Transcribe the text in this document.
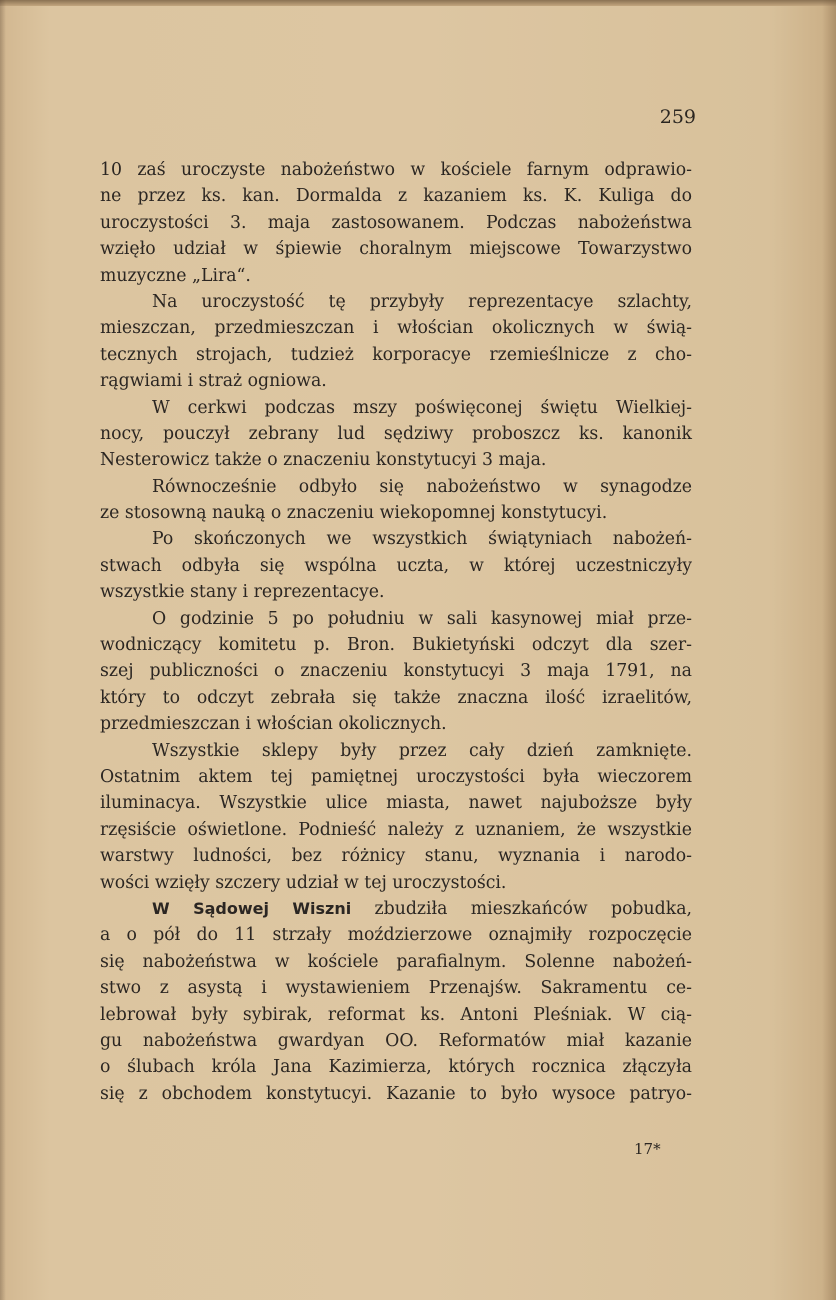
259
10 zaś uroczyste nabożeństwo w kościele farnym odprawio-
ne przez ks. kan. Dormalda z kazaniem ks. K. Kuliga do
uroczystości 3. maja zastosowanem. Podczas nabożeństwa
wzięło udział w śpiewie choralnym miejscowe Towarzystwo
muzyczne „Lira“.
Na uroczystość tę przybyły reprezentacye szlachty,
mieszczan, przedmieszczan i włościan okolicznych w świą-
tecznych strojach, tudzież korporacye rzemieślnicze z cho-
rągwiami i straż ogniowa.
W cerkwi podczas mszy poświęconej świętu Wielkiej-
nocy, pouczył zebrany lud sędziwy proboszcz ks. kanonik
Nesterowicz także o znaczeniu konstytucyi 3 maja.
Równocześnie odbyło się nabożeństwo w synagodze
ze stosowną nauką o znaczeniu wiekopomnej konstytucyi.
Po skończonych we wszystkich świątyniach nabożeń-
stwach odbyła się wspólna uczta, w której uczestniczyły
wszystkie stany i reprezentacye.
O godzinie 5 po południu w sali kasynowej miał prze-
wodniczący komitetu p. Bron. Bukietyński odczyt dla szer-
szej publiczności o znaczeniu konstytucyi 3 maja 1791, na
który to odczyt zebrała się także znaczna ilość izraelitów,
przedmieszczan i włościan okolicznych.
Wszystkie sklepy były przez cały dzień zamknięte.
Ostatnim aktem tej pamiętnej uroczystości była wieczorem
iluminacya. Wszystkie ulice miasta, nawet najuboższe były
rzęsiście oświetlone. Podnieść należy z uznaniem, że wszystkie
warstwy ludności, bez różnicy stanu, wyznania i narodo-
wości wzięły szczery udział w tej uroczystości.
W Sądowej Wiszni zbudziła mieszkańców pobudka,
a o pół do 11 strzały moździerzowe oznajmiły rozpoczęcie
się nabożeństwa w kościele parafialnym. Solenne nabożeń-
stwo z asystą i wystawieniem Przenajśw. Sakramentu ce-
lebrował były sybirak, reformat ks. Antoni Pleśniak. W cią-
gu nabożeństwa gwardyan OO. Reformatów miał kazanie
o ślubach króla Jana Kazimierza, których rocznica złączyła
się z obchodem konstytucyi. Kazanie to było wysoce patryo-
17*
